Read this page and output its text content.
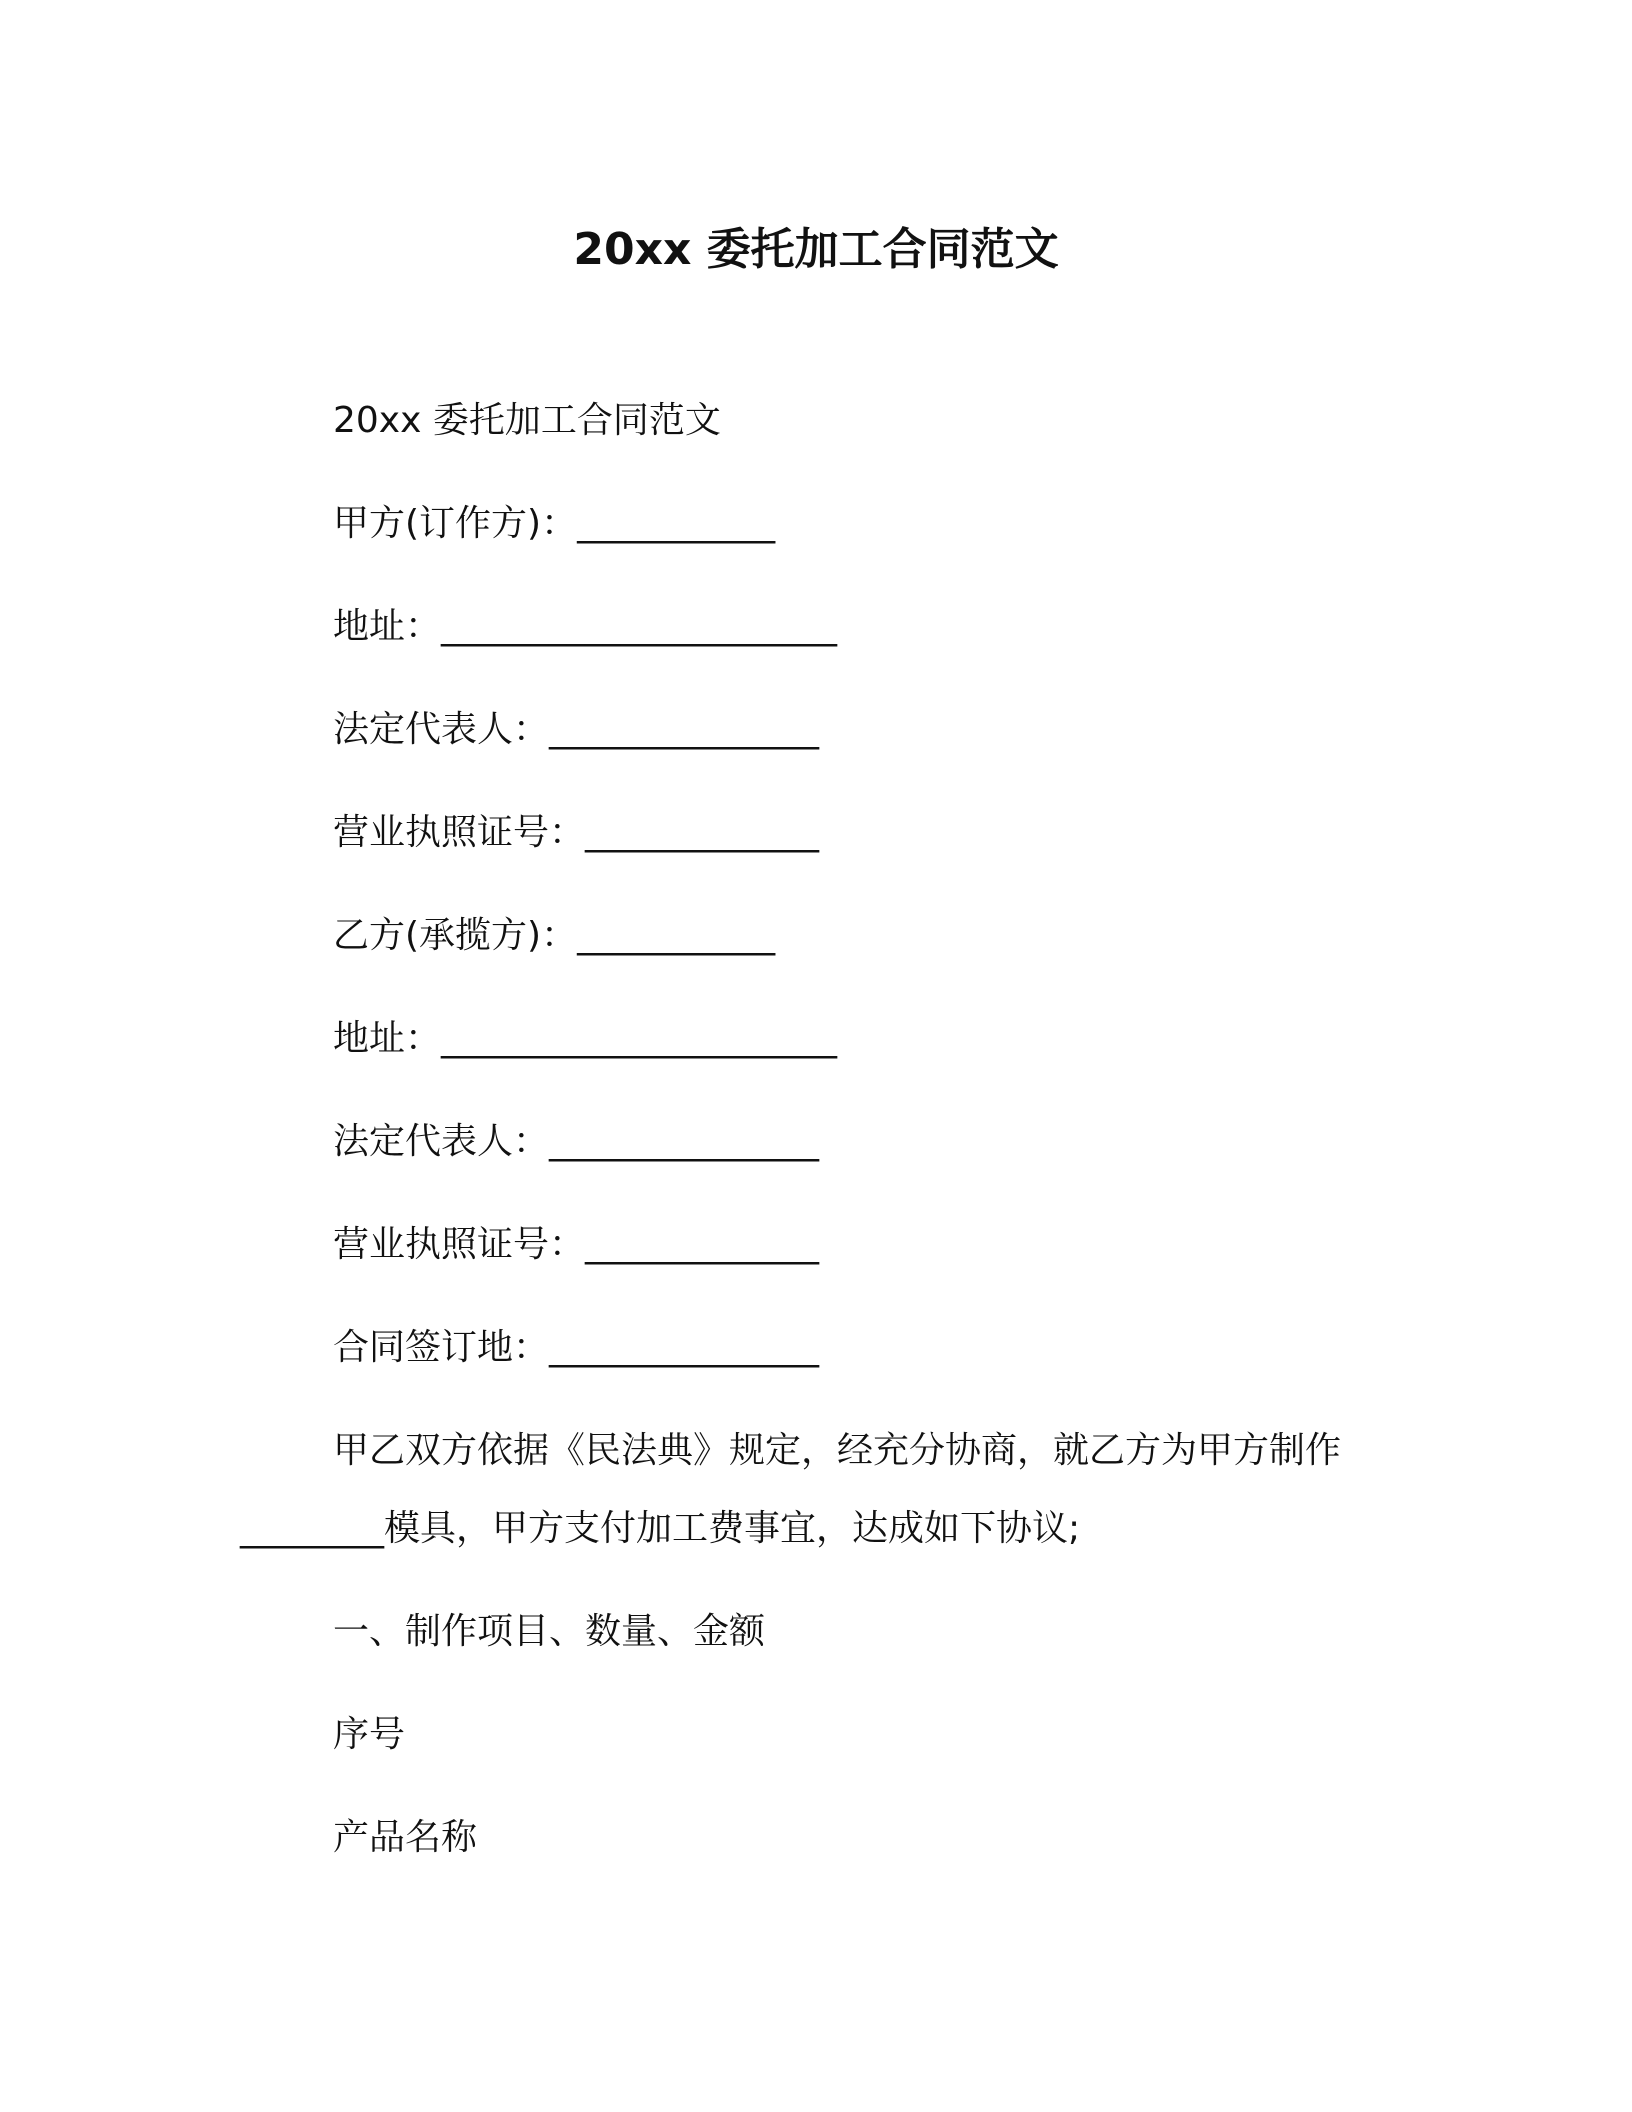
20xx 委托加工合同范文
20xx 委托加工合同范文
甲方(订作方)：___________
地址：______________________
法定代表人：_______________
营业执照证号：_____________
乙方(承揽方)：___________
地址：______________________
法定代表人：_______________
营业执照证号：_____________
合同签订地：_______________
甲乙双方依据《民法典》规定，经充分协商，就乙方为甲方制作
________模具，甲方支付加工费事宜，达成如下协议;
一、制作项目、数量、金额
序号
产品名称
